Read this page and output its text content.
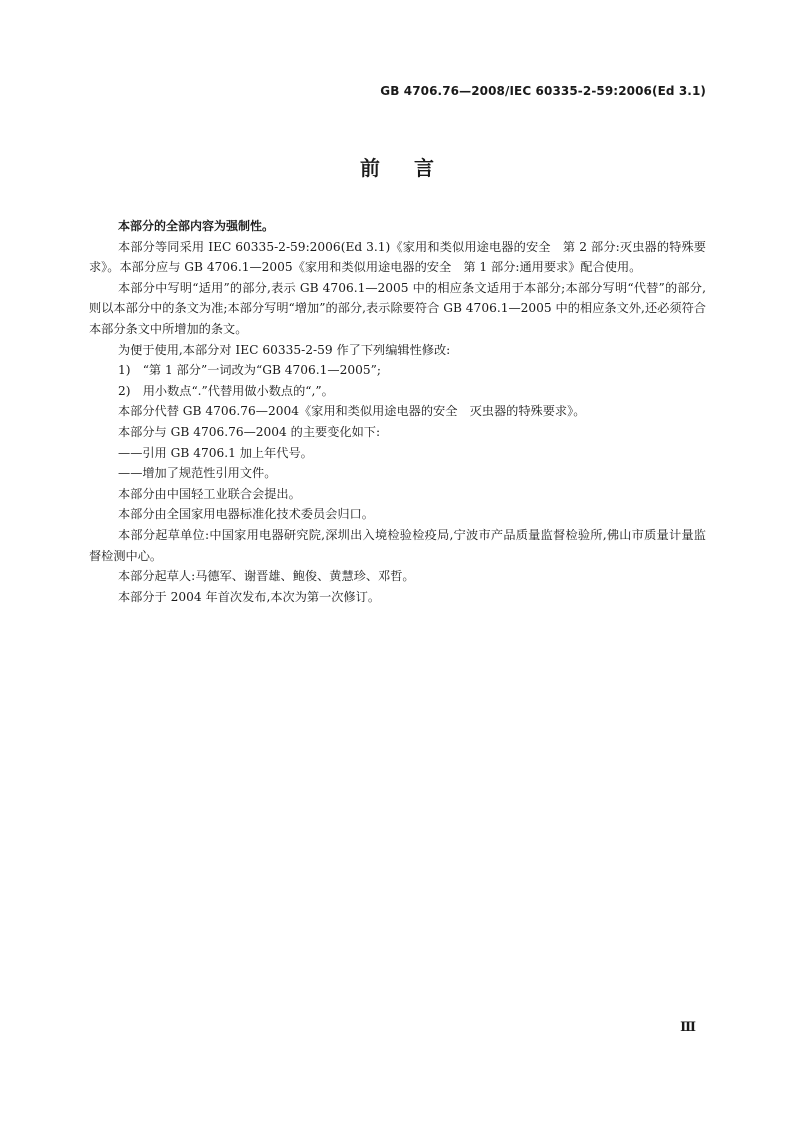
GB 4706.76—2008/IEC 60335-2-59:2006(Ed 3.1)
前言

本部分的全部内容为强制性。

本部分等同采用 IEC 60335-2-59:2006(Ed 3.1)《家用和类似用途电器的安全　第 2 部分:灭虫器的特殊要求》。本部分应与 GB 4706.1—2005《家用和类似用途电器的安全　第 1 部分:通用要求》配合使用。

本部分中写明“适用”的部分,表示 GB 4706.1—2005 中的相应条文适用于本部分;本部分写明“代替”的部分,则以本部分中的条文为准;本部分写明“增加”的部分,表示除要符合 GB 4706.1—2005 中的相应条文外,还必须符合本部分条文中所增加的条文。

为便于使用,本部分对 IEC 60335-2-59 作了下列编辑性修改:

1)　“第 1 部分”一词改为“GB 4706.1—2005”;

2)　用小数点“.”代替用做小数点的“,”。

本部分代替 GB 4706.76—2004《家用和类似用途电器的安全　灭虫器的特殊要求》。

本部分与 GB 4706.76—2004 的主要变化如下:

——引用 GB 4706.1 加上年代号。

——增加了规范性引用文件。

本部分由中国轻工业联合会提出。

本部分由全国家用电器标准化技术委员会归口。

本部分起草单位:中国家用电器研究院,深圳出入境检验检疫局,宁波市产品质量监督检验所,佛山市质量计量监督检测中心。

本部分起草人:马德军、谢晋雄、鲍俊、黄慧珍、邓哲。

本部分于 2004 年首次发布,本次为第一次修订。

Ⅲ
